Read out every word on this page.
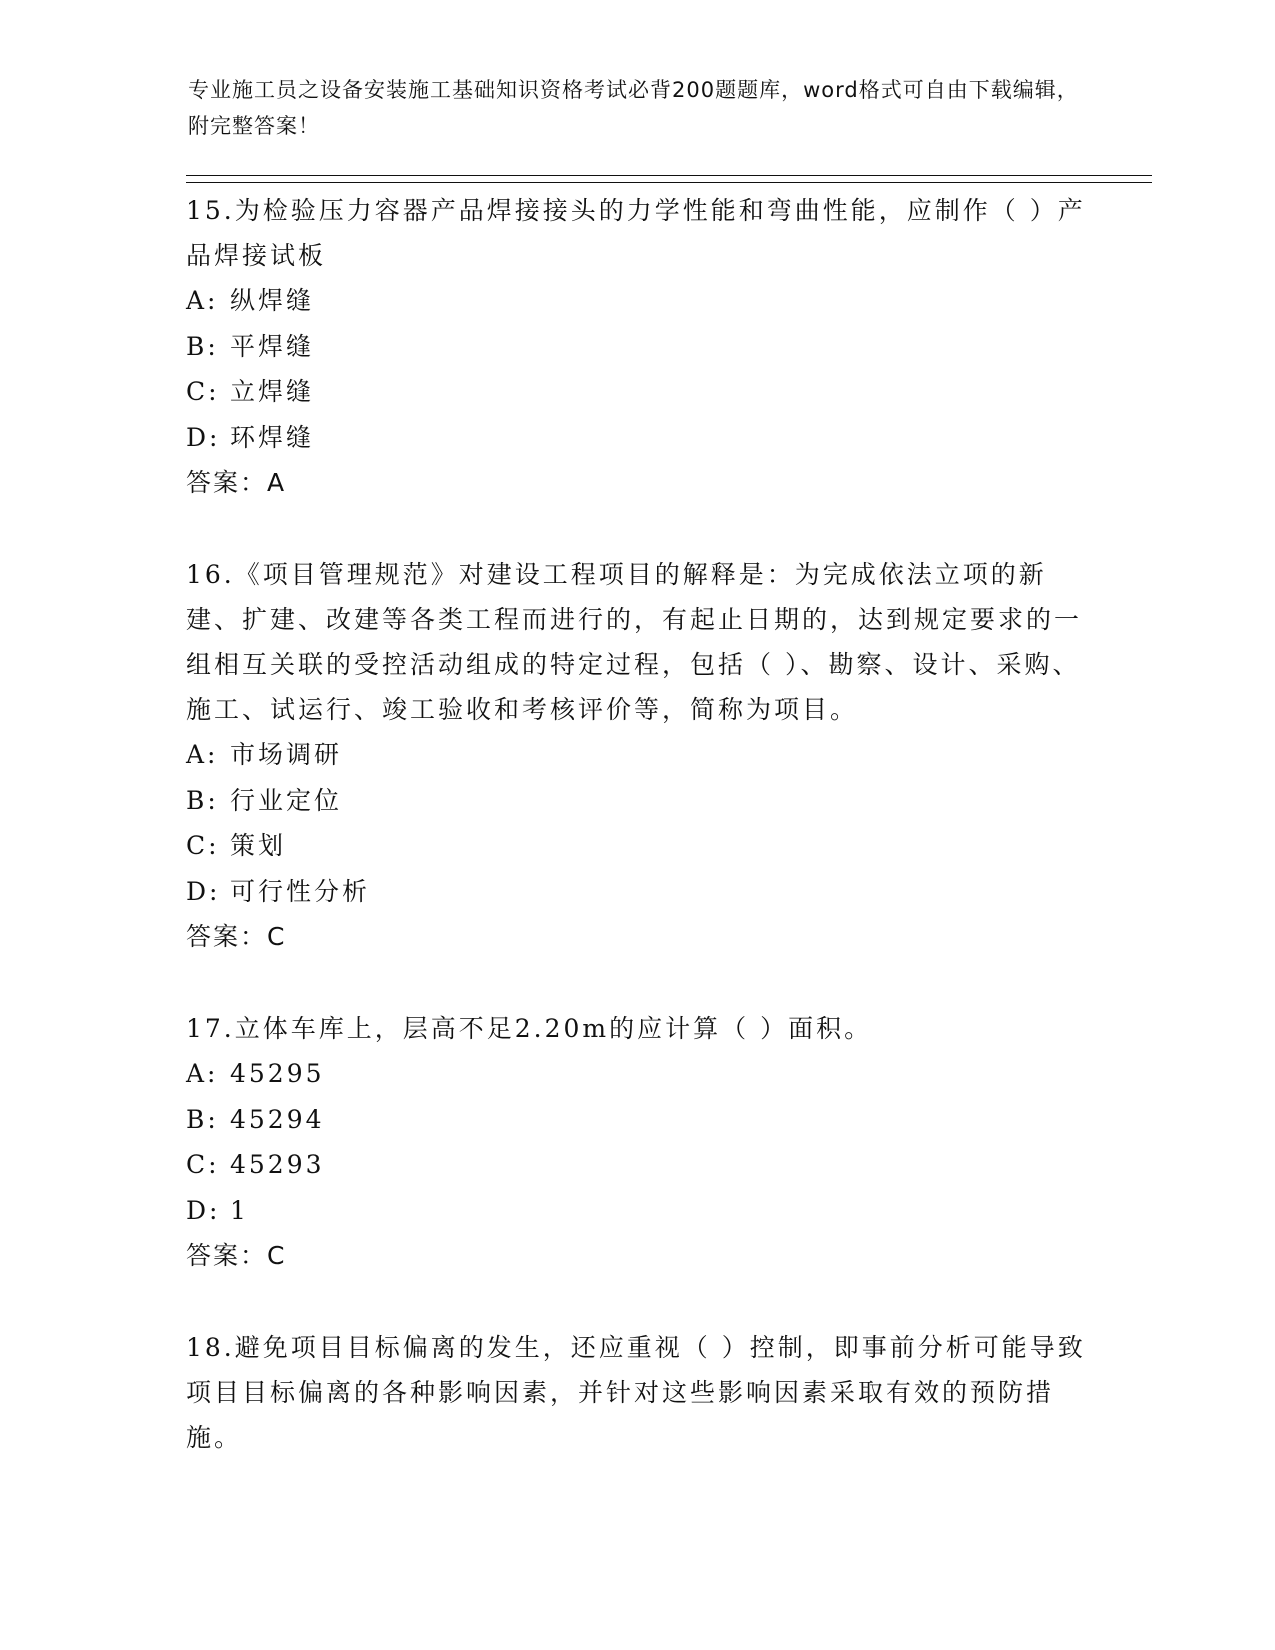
专业施工员之设备安装施工基础知识资格考试必背200题题库，word格式可自由下载编辑，附完整答案！

15.为检验压力容器产品焊接接头的力学性能和弯曲性能，应制作（ ）产品焊接试板

A: 纵焊缝

B: 平焊缝

C: 立焊缝

D: 环焊缝

答案：A

16.《项目管理规范》对建设工程项目的解释是：为完成依法立项的新建、扩建、改建等各类工程而进行的，有起止日期的，达到规定要求的一组相互关联的受控活动组成的特定过程，包括（ ）、勘察、设计、采购、施工、试运行、竣工验收和考核评价等，简称为项目。

A: 市场调研

B: 行业定位

C: 策划

D: 可行性分析

答案：C

17.立体车库上，层高不足2.20m的应计算（ ）面积。

A: 45295

B: 45294

C: 45293

D: 1

答案：C

18.避免项目目标偏离的发生，还应重视（ ）控制，即事前分析可能导致项目目标偏离的各种影响因素，并针对这些影响因素采取有效的预防措施。
